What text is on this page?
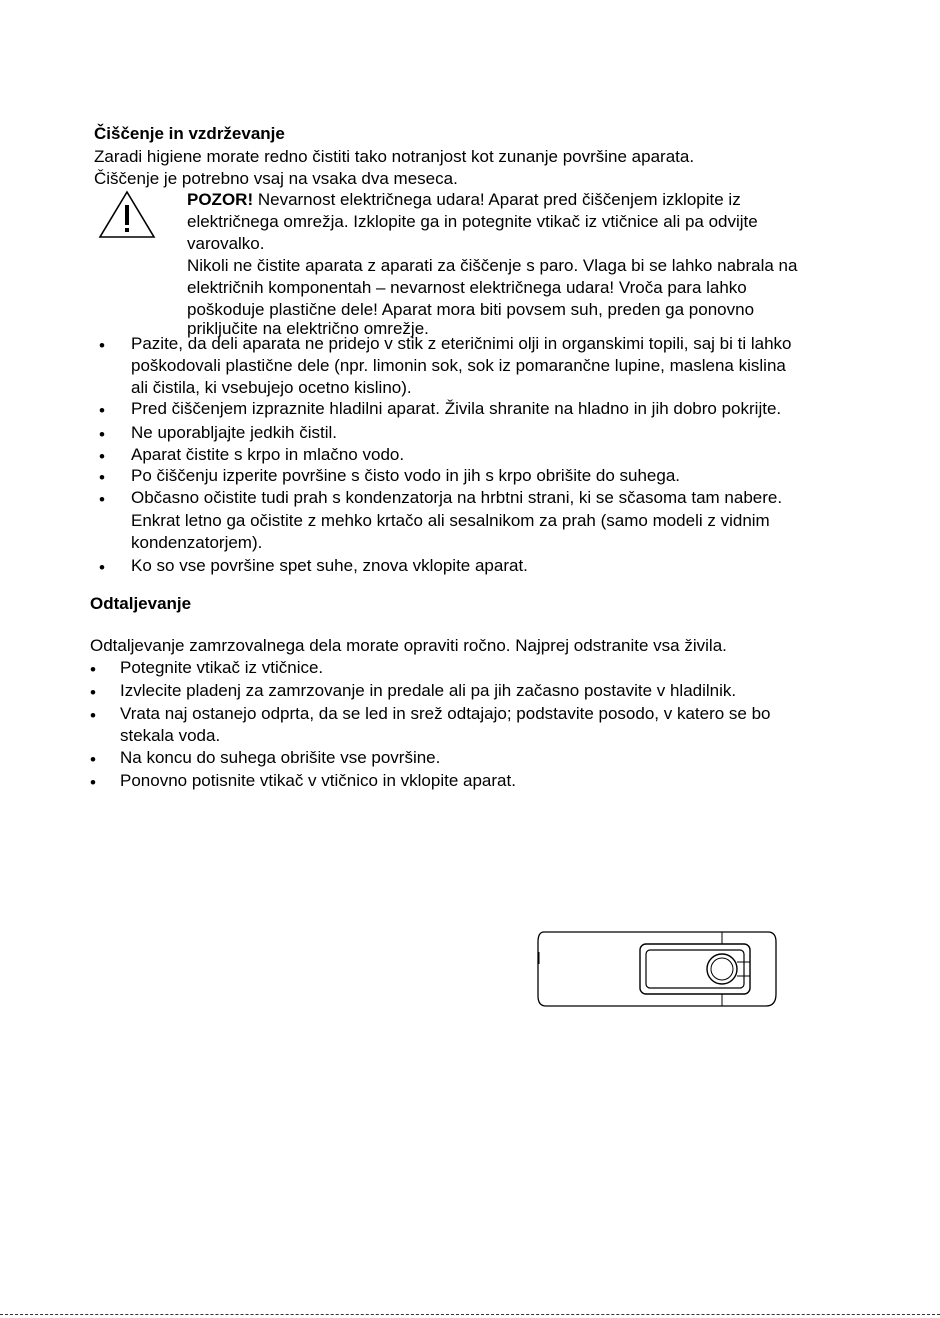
Čiščenje in vzdrževanje
Zaradi higiene morate redno čistiti tako notranjost kot zunanje površine aparata.
Čiščenje je potrebno vsaj na vsaka dva meseca.
POZOR! Nevarnost električnega udara! Aparat pred čiščenjem izklopite iz
električnega omrežja. Izklopite ga in potegnite vtikač iz vtičnice ali pa odvijte
varovalko.
Nikoli ne čistite aparata z aparati za čiščenje s paro. Vlaga bi se lahko nabrala na
električnih komponentah – nevarnost električnega udara! Vroča para lahko
poškoduje plastične dele! Aparat mora biti povsem suh, preden ga ponovno
priključite na električno omrežje.
• Pazite, da deli aparata ne pridejo v stik z eteričnimi olji in organskimi topili, saj bi ti lahko
poškodovali plastične dele (npr. limonin sok, sok iz pomarančne lupine, maslena kislina
ali čistila, ki vsebujejo ocetno kislino).
• Pred čiščenjem izpraznite hladilni aparat. Živila shranite na hladno in jih dobro pokrijte.
• Ne uporabljajte jedkih čistil.
• Aparat čistite s krpo in mlačno vodo.
• Po čiščenju izperite površine s čisto vodo in jih s krpo obrišite do suhega.
• Občasno očistite tudi prah s kondenzatorja na hrbtni strani, ki se sčasoma tam nabere.
Enkrat letno ga očistite z mehko krtačo ali sesalnikom za prah (samo modeli z vidnim
kondenzatorjem).
• Ko so vse površine spet suhe, znova vklopite aparat.
Odtaljevanje
Odtaljevanje zamrzovalnega dela morate opraviti ročno. Najprej odstranite vsa živila.
• Potegnite vtikač iz vtičnice.
• Izvlecite pladenj za zamrzovanje in predale ali pa jih začasno postavite v hladilnik.
• Vrata naj ostanejo odprta, da se led in srež odtajajo; podstavite posodo, v katero se bo
stekala voda.
• Na koncu do suhega obrišite vse površine.
• Ponovno potisnite vtikač v vtičnico in vklopite aparat.
